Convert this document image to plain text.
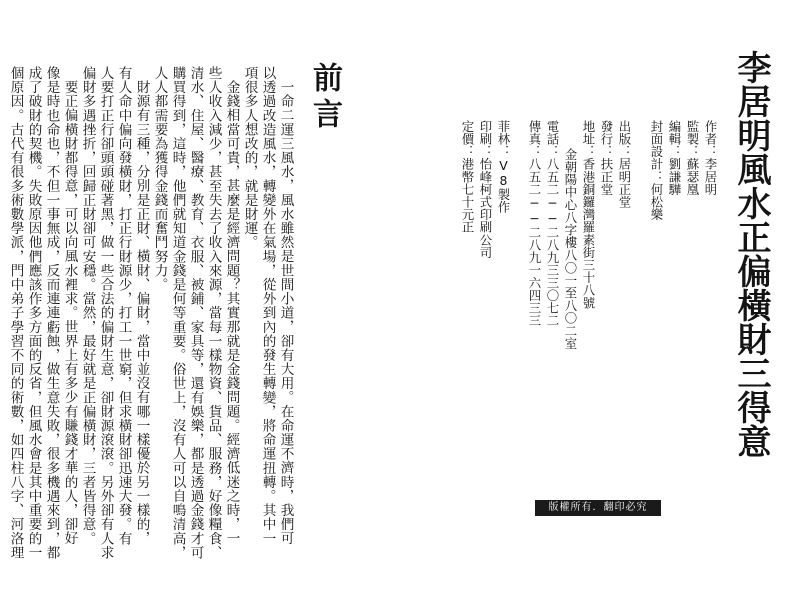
李居明風水正偏橫財三得意
作者：李居明
監製：蘇瑟凰
編輯：劉謙驊
封面設計：何松樂
出版：居明正堂
發行：扶正堂
地址：香港銅鑼灣羅素街三十八號
金朝陽中心八字樓八〇一至八〇二室
電話：八五二──二八九三三〇七二
傳真：八五二──二八九一六四三三
菲林：V8製作
印刷：怡峰柯式印刷公司
定價：港幣七十元正
版權所有．翻印必究
前言
一命二運三風水，風水雖然是世間小道，卻有大用。在命運不濟時，我們可
以透過改造風水，轉變外在氣場，從外到內的發生轉變，將命運扭轉。其中一
項很多人想改的，就是財運。
金錢相當可貴，甚麼是經濟問題？其實那就是金錢問題。經濟低迷之時，一
些人收入減少，甚至失去了收入來源，當每一樣物資、貨品、服務，好像糧食、
清水、住屋、醫療、教育、衣服、被鋪、家具等，還有娛樂，都是透過金錢才可
購買得到，這時，他們就知道金錢是何等重要。俗世上，沒有人可以自鳴清高，
人人都需要為獲得金錢而奮鬥努力。
財源有三種，分別是正財、橫財、偏財，當中並沒有哪一樣優於另一樣的，
有人命中偏向發橫財，打正行財源少，打工一世窮，但求橫財卻迅速大發。有
人要打正行卻頭頭碰著黑，做一些合法的偏財生意，卻財源滾滾。另外卻有人求
偏財多遇挫折，回歸正財卻可安穩。當然，最好就是正偏橫財，三者皆得意。
要正偏橫財都得意，可以向風水裡求。世界上有多少有賺錢才華的人，卻好
像是時也命也，不但一事無成，反而連連虧蝕，做生意失敗，很多機遇來到，都
成了破財的契機。失敗原因他們應該作多方面的反省，但風水會是其中重要的一
個原因。古代有很多術數學派，門中弟子學習不同的術數，如四柱八字、河洛理
